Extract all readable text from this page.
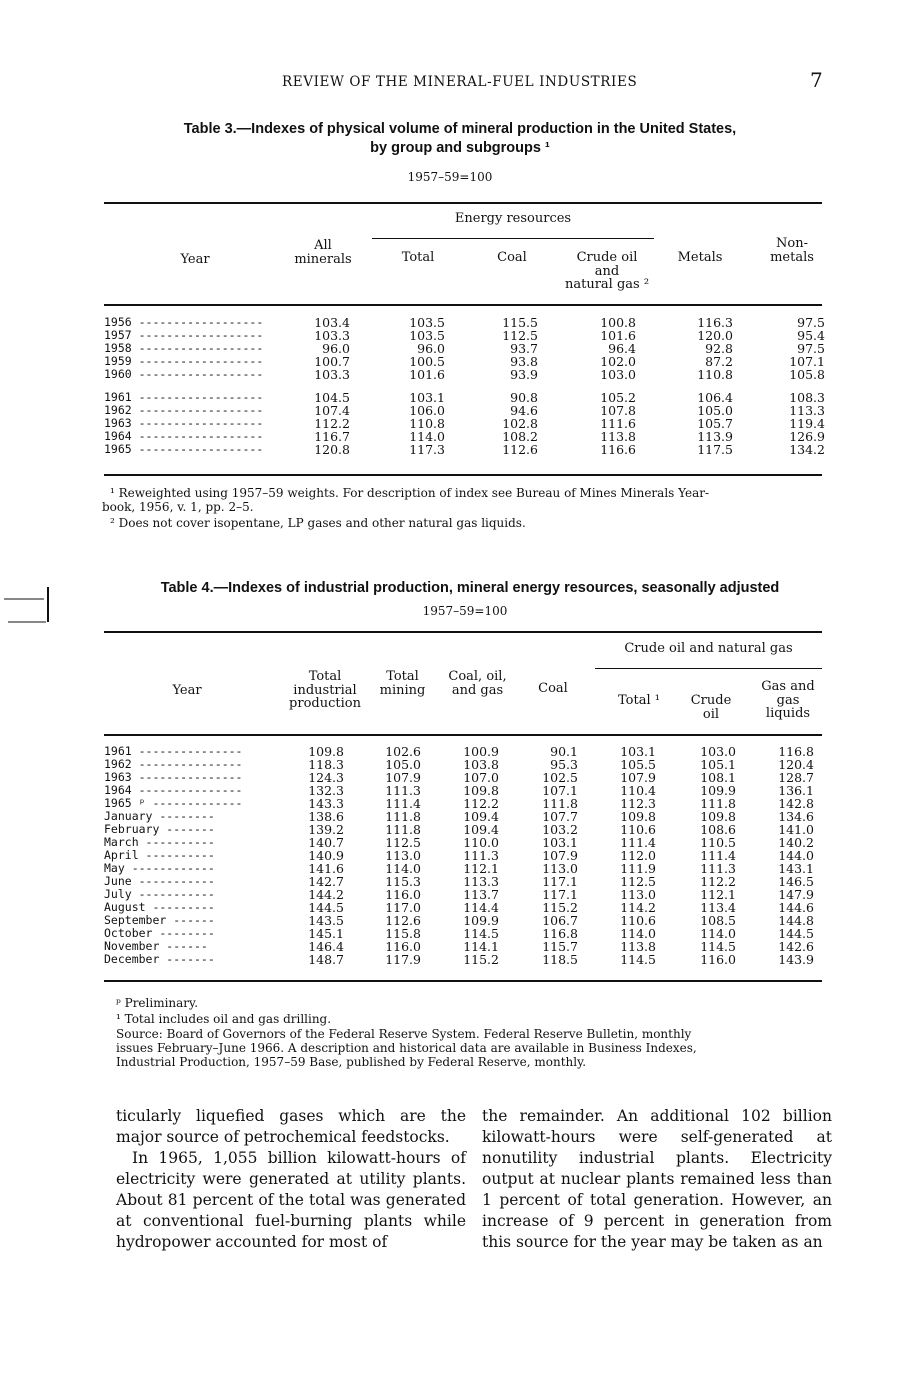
REVIEW OF THE MINERAL-FUEL INDUSTRIES	7
Table 3.—Indexes of physical volume of mineral production in the United States,
by group and subgroups ¹
1957–59=100
Energy resources
Year
All
minerals	Total	Coal	Crude oil
and
natural gas ²
Metals
Non-
metals
1956 ------------------	103.4	103.5	115.5	100.8	116.3	97.5
1957 ------------------	103.3	103.5	112.5	101.6	120.0	95.4
1958 ------------------	96.0	96.0	93.7	96.4	92.8	97.5
1959 ------------------	100.7	100.5	93.8	102.0	87.2	107.1
1960 ------------------	103.3	101.6	93.9	103.0	110.8	105.8
1961 ------------------	104.5	103.1	90.8	105.2	106.4	108.3
1962 ------------------	107.4	106.0	94.6	107.8	105.0	113.3
1963 ------------------	112.2	110.8	102.8	111.6	105.7	119.4
1964 ------------------	116.7	114.0	108.2	113.8	113.9	126.9
1965 ------------------	120.8	117.3	112.6	116.6	117.5	134.2
¹ Reweighted using 1957–59 weights. For description of index see Bureau of Mines Minerals Year-
book, 1956, v. 1, pp. 2–5.
² Does not cover isopentane, LP gases and other natural gas liquids.
Table 4.—Indexes of industrial production, mineral energy resources, seasonally adjusted
1957–59=100
Crude oil and natural gas
Year
Total
industrial
production
Total
mining
Coal, oil,
and gas	Coal
Total ¹	Crude
oil
Gas and
gas
liquids
1961 ---------------	109.8	102.6	100.9	90.1	103.1	103.0	116.8
1962 ---------------	118.3	105.0	103.8	95.3	105.5	105.1	120.4
1963 ---------------	124.3	107.9	107.0	102.5	107.9	108.1	128.7
1964 ---------------	132.3	111.3	109.8	107.1	110.4	109.9	136.1
1965 ᵖ -------------	143.3	111.4	112.2	111.8	112.3	111.8	142.8
January --------	138.6	111.8	109.4	107.7	109.8	109.8	134.6
February -------	139.2	111.8	109.4	103.2	110.6	108.6	141.0
March ----------	140.7	112.5	110.0	103.1	111.4	110.5	140.2
April ----------	140.9	113.0	111.3	107.9	112.0	111.4	144.0
May ------------	141.6	114.0	112.1	113.0	111.9	111.3	143.1
June -----------	142.7	115.3	113.3	117.1	112.5	112.2	146.5
July -----------	144.2	116.0	113.7	117.1	113.0	112.1	147.9
August ---------	144.5	117.0	114.4	115.2	114.2	113.4	144.6
September ------	143.5	112.6	109.9	106.7	110.6	108.5	144.8
October --------	145.1	115.8	114.5	116.8	114.0	114.0	144.5
November ------	146.4	116.0	114.1	115.7	113.8	114.5	142.6
December -------	148.7	117.9	115.2	118.5	114.5	116.0	143.9
ᵖ Preliminary.
¹ Total includes oil and gas drilling.
Source: Board of Governors of the Federal Reserve System. Federal Reserve Bulletin, monthly
issues February–June 1966. A description and historical data are available in Business Indexes,
Industrial Production, 1957–59 Base, published by Federal Reserve, monthly.
ticularly liquefied gases which are the major source of petrochemical feedstocks.
In 1965, 1,055 billion kilowatt-hours of electricity were generated at utility plants. About 81 percent of the total was generated at conventional fuel-burning plants while hydropower accounted for most of
the remainder. An additional 102 billion kilowatt-hours were self-generated at nonutility industrial plants. Electricity output at nuclear plants remained less than 1 percent of total generation. However, an increase of 9 percent in generation from this source for the year may be taken as an
